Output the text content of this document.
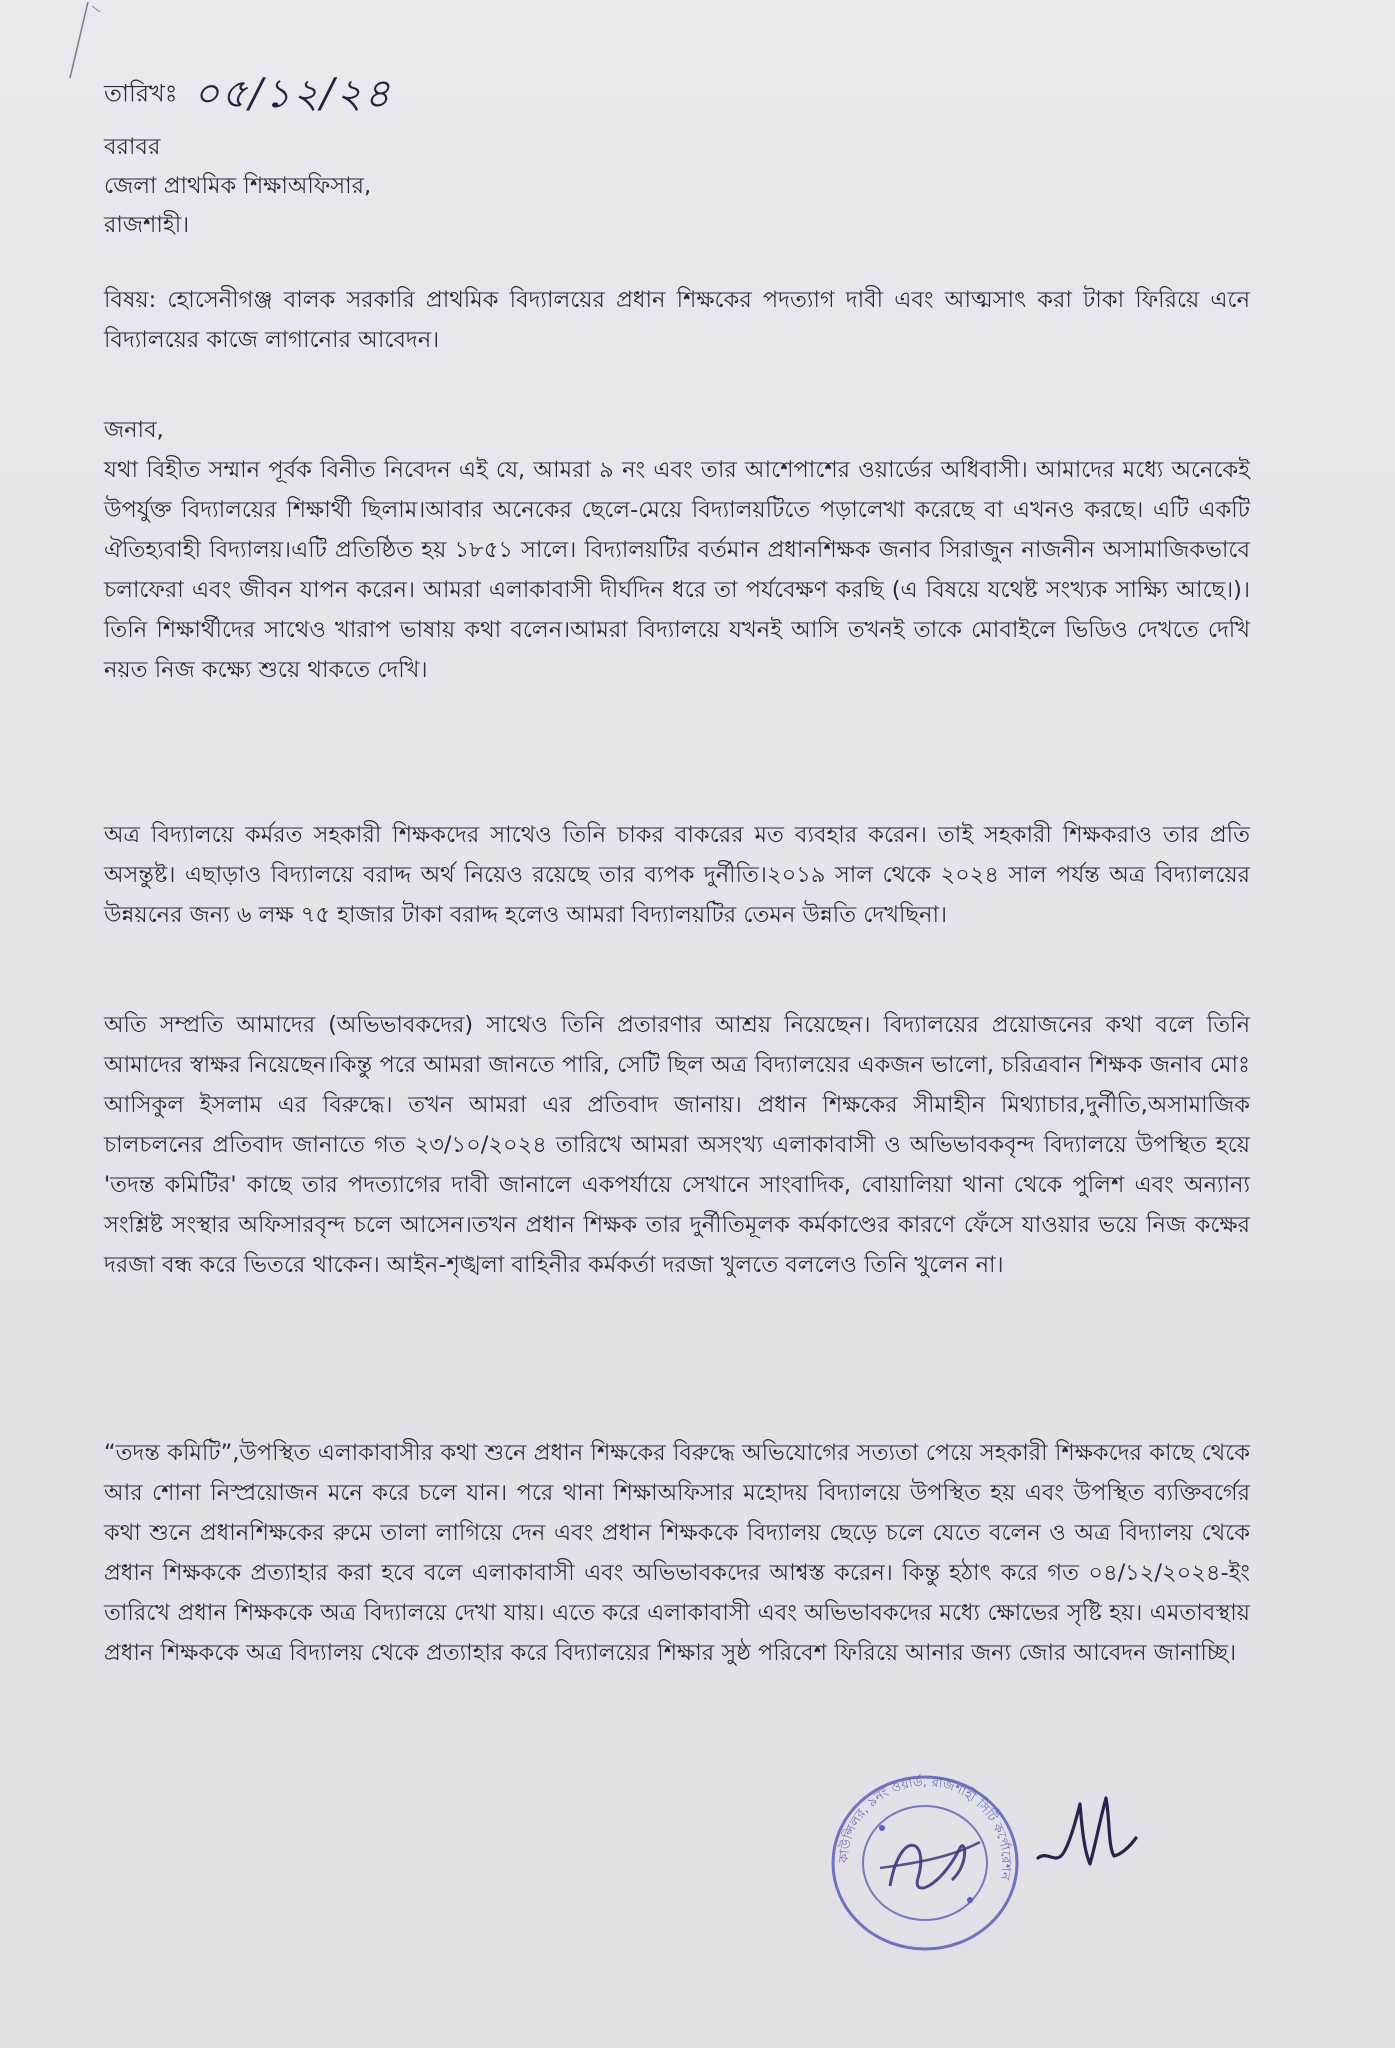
তারিখঃ ০৫/১২/২৪
বরাবর
জেলা প্রাথমিক শিক্ষাঅফিসার,
রাজশাহী।
বিষয়: হোসেনীগঞ্জ বালক সরকারি প্রাথমিক বিদ্যালয়ের প্রধান শিক্ষকের পদত্যাগ দাবী এবং আত্মসাৎ করা টাকা ফিরিয়ে এনে বিদ্যালয়ের কাজে লাগানোর আবেদন।
জনাব,
যথা বিহীত সম্মান পূর্বক বিনীত নিবেদন এই যে, আমরা ৯ নং এবং তার আশেপাশের ওয়ার্ডের অধিবাসী। আমাদের মধ্যে অনেকেই উপর্যুক্ত বিদ্যালয়ের শিক্ষার্থী ছিলাম।আবার অনেকের ছেলে-মেয়ে বিদ্যালয়টিতে পড়ালেখা করেছে বা এখনও করছে। এটি একটি ঐতিহ্যবাহী বিদ্যালয়।এটি প্রতিষ্ঠিত হয় ১৮৫১ সালে। বিদ্যালয়টির বর্তমান প্রধানশিক্ষক জনাব সিরাজুন নাজনীন অসামাজিকভাবে চলাফেরা এবং জীবন যাপন করেন। আমরা এলাকাবাসী দীর্ঘদিন ধরে তা পর্যবেক্ষণ করছি (এ বিষয়ে যথেষ্ট সংখ্যক সাক্ষ্যি আছে।)।তিনি শিক্ষার্থীদের সাথেও খারাপ ভাষায় কথা বলেন।আমরা বিদ্যালয়ে যখনই আসি তখনই তাকে মোবাইলে ভিডিও দেখতে দেখি নয়ত নিজ কক্ষ্যে শুয়ে থাকতে দেখি।
অত্র বিদ্যালয়ে কর্মরত সহকারী শিক্ষকদের সাথেও তিনি চাকর বাকরের মত ব্যবহার করেন। তাই সহকারী শিক্ষকরাও তার প্রতি অসন্তুষ্ট। এছাড়াও বিদ্যালয়ে বরাদ্দ অর্থ নিয়েও রয়েছে তার ব্যপক দুর্নীতি।২০১৯ সাল থেকে ২০২৪ সাল পর্যন্ত অত্র বিদ্যালয়ের উন্নয়নের জন্য ৬ লক্ষ ৭৫ হাজার টাকা বরাদ্দ হলেও আমরা বিদ্যালয়টির তেমন উন্নতি দেখছিনা।
অতি সম্প্রতি আমাদের (অভিভাবকদের) সাথেও তিনি প্রতারণার আশ্রয় নিয়েছেন। বিদ্যালয়ের প্রয়োজনের কথা বলে তিনি আমাদের স্বাক্ষর নিয়েছেন।কিন্তু পরে আমরা জানতে পারি, সেটি ছিল অত্র বিদ্যালয়ের একজন ভালো, চরিত্রবান শিক্ষক জনাব মোঃ আসিকুল ইসলাম এর বিরুদ্ধে। তখন আমরা এর প্রতিবাদ জানায়। প্রধান শিক্ষকের সীমাহীন মিথ্যাচার,দুর্নীতি,অসামাজিক চালচলনের প্রতিবাদ জানাতে গত ২৩/১০/২০২৪ তারিখে আমরা অসংখ্য এলাকাবাসী ও অভিভাবকবৃন্দ বিদ্যালয়ে উপস্থিত হয়ে 'তদন্ত কমিটির' কাছে তার পদত্যাগের দাবী জানালে একপর্যায়ে সেখানে সাংবাদিক, বোয়ালিয়া থানা থেকে পুলিশ এবং অন্যান্য সংশ্লিষ্ট সংস্থার অফিসারবৃন্দ চলে আসেন।তখন প্রধান শিক্ষক তার দুর্নীতিমূলক কর্মকাণ্ডের কারণে ফেঁসে যাওয়ার ভয়ে নিজ কক্ষের দরজা বন্ধ করে ভিতরে থাকেন। আইন-শৃঙ্খলা বাহিনীর কর্মকর্তা দরজা খুলতে বললেও তিনি খুলেন না।
“তদন্ত কমিটি”,উপস্থিত এলাকাবাসীর কথা শুনে প্রধান শিক্ষকের বিরুদ্ধে অভিযোগের সত্যতা পেয়ে সহকারী শিক্ষকদের কাছে থেকে আর শোনা নিস্প্রয়োজন মনে করে চলে যান। পরে থানা শিক্ষাঅফিসার মহোদয় বিদ্যালয়ে উপস্থিত হয় এবং উপস্থিত ব্যক্তিবর্গের কথা শুনে প্রধানশিক্ষকের রুমে তালা লাগিয়ে দেন এবং প্রধান শিক্ষককে বিদ্যালয় ছেড়ে চলে যেতে বলেন ও অত্র বিদ্যালয় থেকে প্রধান শিক্ষককে প্রত্যাহার করা হবে বলে এলাকাবাসী এবং অভিভাবকদের আশ্বস্ত করেন। কিন্তু হঠাৎ করে গত ০৪/১২/২০২৪-ইং তারিখে প্রধান শিক্ষককে অত্র বিদ্যালয়ে দেখা যায়। এতে করে এলাকাবাসী এবং অভিভাবকদের মধ্যে ক্ষোভের সৃষ্টি হয়। এমতাবস্থায় প্রধান শিক্ষককে অত্র বিদ্যালয় থেকে প্রত্যাহার করে বিদ্যালয়ের শিক্ষার সুষ্ঠ পরিবেশ ফিরিয়ে আনার জন্য জোর আবেদন জানাচ্ছি।
কাউন্সিলর, ৯নং ওয়ার্ড, রাজশাহী সিটি কর্পোরেশন
